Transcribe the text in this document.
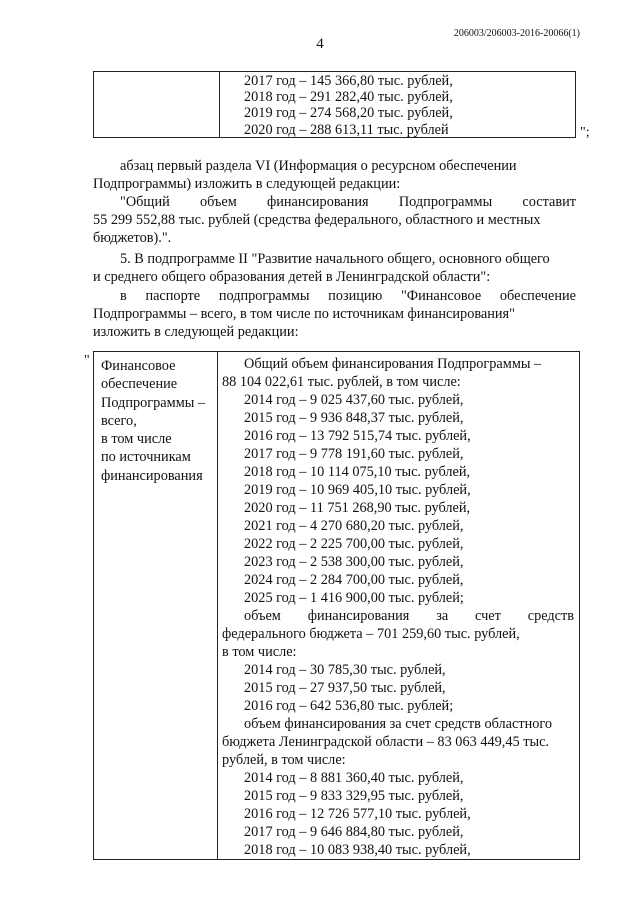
206003/206003-2016-20066(1)
4
2017 год – 145 366,80 тыс. рублей,
2018 год – 291 282,40 тыс. рублей,
2019 год – 274 568,20 тыс. рублей,
2020 год – 288 613,11 тыс. рублей	";
абзац первый раздела VI (Информация о ресурсном обеспечении
Подпрограммы) изложить в следующей редакции:
"Общий объем финансирования Подпрограммы составит
55 299 552,88 тыс. рублей (средства федерального, областного и местных
бюджетов).".
5. В подпрограмме II "Развитие начального общего, основного общего
и среднего общего образования детей в Ленинградской области":
в паспорте подпрограммы позицию "Финансовое обеспечение
Подпрограммы – всего, в том числе по источникам финансирования"
изложить в следующей редакции:
" Финансовое
обеспечение
Подпрограммы –
всего,
в том числе
по источникам
финансирования
Общий объем финансирования Подпрограммы –
88 104 022,61 тыс. рублей, в том числе:
2014 год – 9 025 437,60 тыс. рублей,
2015 год – 9 936 848,37 тыс. рублей,
2016 год – 13 792 515,74 тыс. рублей,
2017 год – 9 778 191,60 тыс. рублей,
2018 год – 10 114 075,10 тыс. рублей,
2019 год – 10 969 405,10 тыс. рублей,
2020 год – 11 751 268,90 тыс. рублей,
2021 год – 4 270 680,20 тыс. рублей,
2022 год – 2 225 700,00 тыс. рублей,
2023 год – 2 538 300,00 тыс. рублей,
2024 год – 2 284 700,00 тыс. рублей,
2025 год – 1 416 900,00 тыс. рублей;
объем финансирования за счет средств
федерального бюджета – 701 259,60 тыс. рублей,
в том числе:
2014 год – 30 785,30 тыс. рублей,
2015 год – 27 937,50 тыс. рублей,
2016 год – 642 536,80 тыс. рублей;
объем финансирования за счет средств областного
бюджета Ленинградской области – 83 063 449,45 тыс.
рублей, в том числе:
2014 год – 8 881 360,40 тыс. рублей,
2015 год – 9 833 329,95 тыс. рублей,
2016 год – 12 726 577,10 тыс. рублей,
2017 год – 9 646 884,80 тыс. рублей,
2018 год – 10 083 938,40 тыс. рублей,
